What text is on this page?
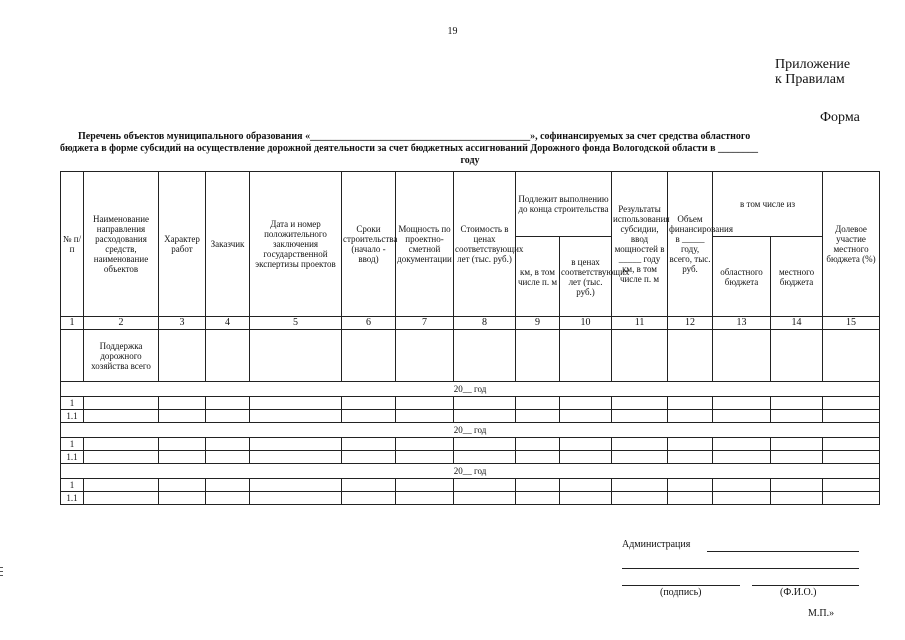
19
Приложение
к Правилам
Форма
Перечень объектов муниципального образования «____________________________________________», софинансируемых за счет средства областного
бюджета в форме субсидий на осуществление дорожной деятельности за счет бюджетных ассигнований Дорожного фонда Вологодской области в ________
году
№ п/п	Наименование направления расходования средств, наименование объектов	Характер работ	Заказчик	Дата и номер положительного заключения государственной экспертизы проектов	Сроки строительства (начало - ввод)	Мощность по проектно-сметной документации	Стоимость в ценах соответствующих лет (тыс. руб.)	Подлежит выполнению до конца строительства		Результаты использования субсидии, ввод мощностей в _____ году км, в том числе п. м	Объем финансирования в _____ году, всего, тыс. руб.	в том числе из		Долевое участие местного бюджета (%)
								км, в том числе п. м	в ценах соответствующих лет (тыс. руб.)			областного бюджета	местного бюджета	
1	2	3	4	5	6	7	8	9	10	11	12	13	14	15
	Поддержка дорожного хозяйства всего													
20__ год														
1														
1.1														
20__ год														
1														
1.1														
20__ год														
1														
1.1														
Администрация
(подпись)	(Ф.И.О.)
М.П.»
